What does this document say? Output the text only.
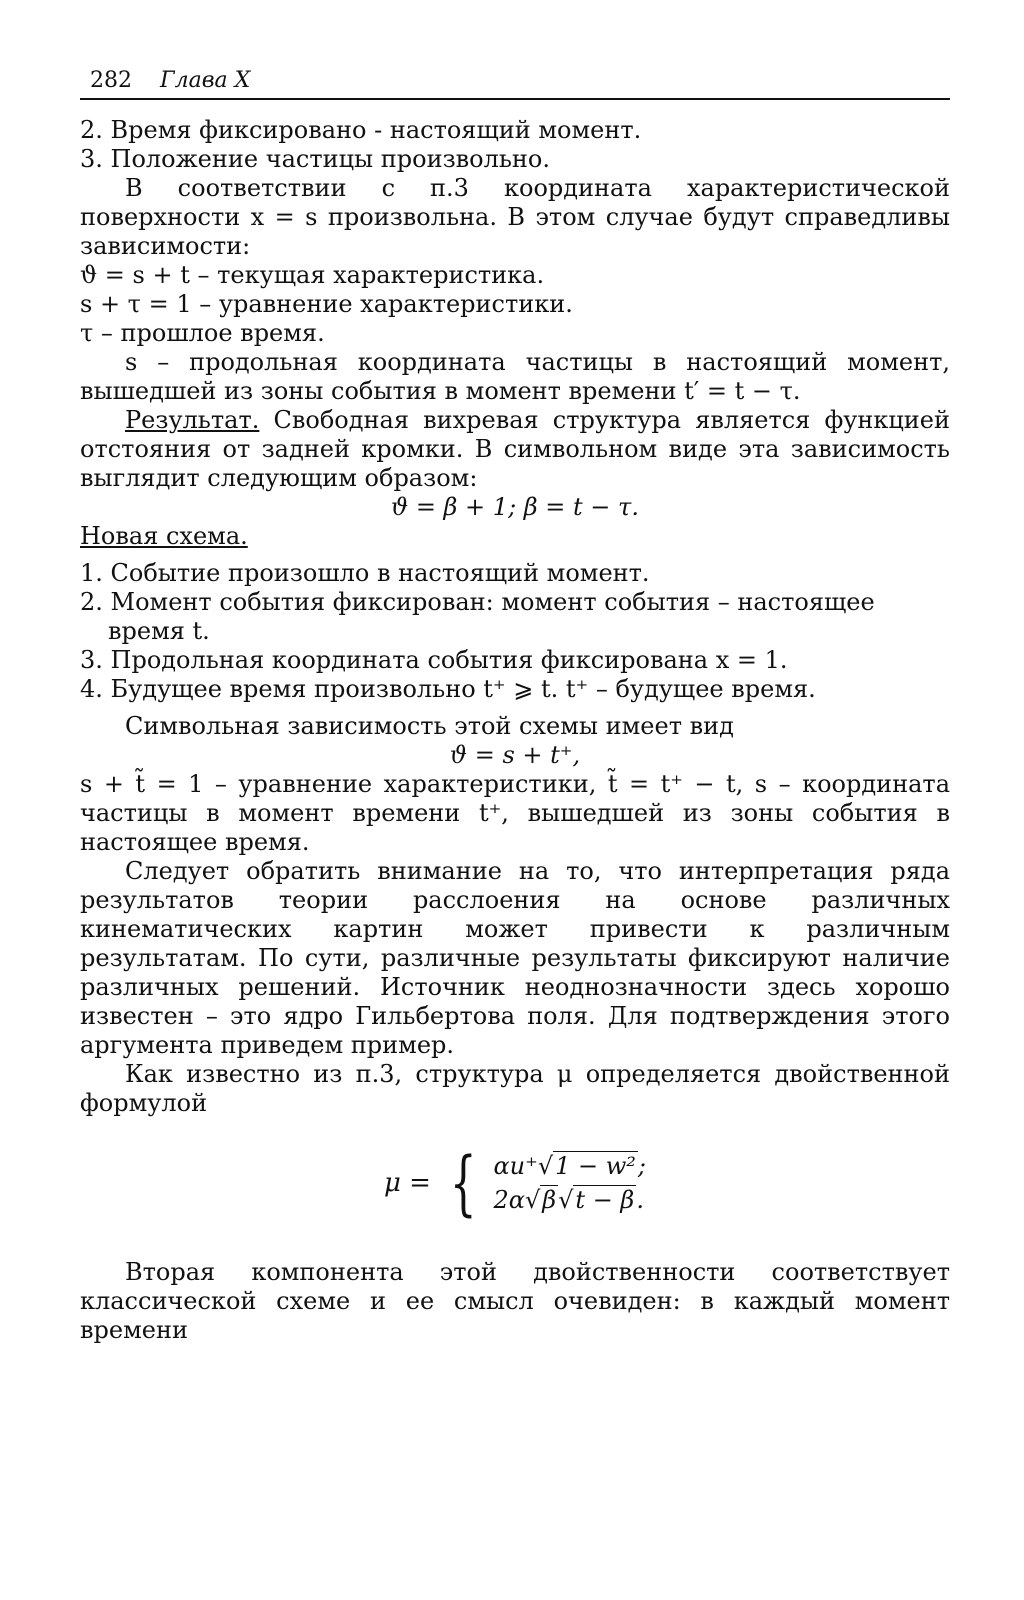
282 Глава X

2. Время фиксировано - настоящий момент.

3. Положение частицы произвольно.

В соответствии с п.3 координата характеристической поверхности x = s произвольна. В этом случае будут справедливы зависимости:

ϑ = s + t – текущая характеристика.

s + τ = 1 – уравнение характеристики.

τ – прошлое время.

s – продольная координата частицы в настоящий момент, вышедшей из зоны события в момент времени t′ = t − τ.

Результат. Свободная вихревая структура является функцией отстояния от задней кромки. В символьном виде эта зависимость выглядит следующим образом:

ϑ = β + 1; β = t − τ.

Новая схема.

1. Событие произошло в настоящий момент.

2. Момент события фиксирован: момент события – настоящее время t.

3. Продольная координата события фиксирована x = 1.

4. Будущее время произвольно t⁺ ⩾ t. t⁺ – будущее время.

Символьная зависимость этой схемы имеет вид

ϑ = s + t⁺,

s + t̃ = 1 – уравнение характеристики, t̃ = t⁺ − t, s – координата частицы в момент времени t⁺, вышедшей из зоны события в настоящее время.

Следует обратить внимание на то, что интерпретация ряда результатов теории расслоения на основе различных кинематических картин может привести к различным результатам. По сути, различные результаты фиксируют наличие различных решений. Источник неоднозначности здесь хорошо известен – это ядро Гильбертова поля. Для подтверждения этого аргумента приведем пример.

Как известно из п.3, структура μ определяется двойственной формулой

μ = { αu⁺√1 − w²;
2α√β√t − β.

Вторая компонента этой двойственности соответствует классической схеме и ее смысл очевиден: в каждый момент времени
